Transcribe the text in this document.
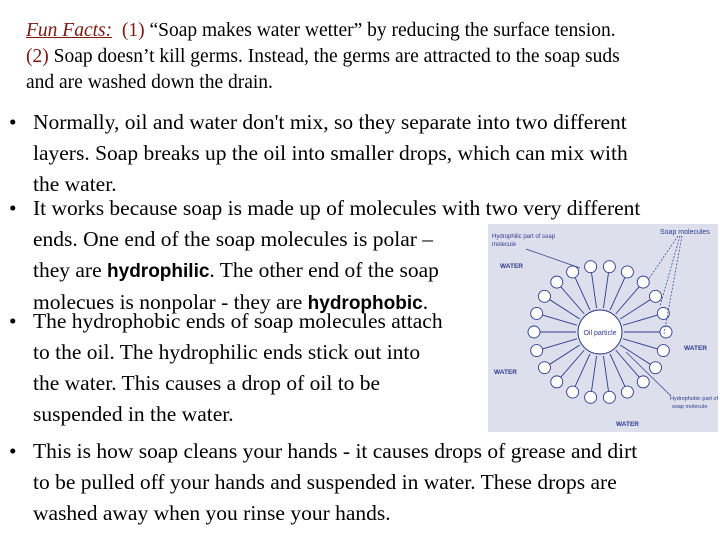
Fun Facts: (1) “Soap makes water wetter” by reducing the surface tension.
(2) Soap doesn’t kill germs. Instead, the germs are attracted to the soap suds
and are washed down the drain.
• Normally, oil and water don't mix, so they separate into two different

layers. Soap breaks up the oil into smaller drops, which can mix with

the water.

• It works because soap is made up of molecules with two very different

ends. One end of the soap molecules is polar –

they are hydrophilic. The other end of the soap

molecues is nonpolar - they are hydrophobic.

• The hydrophobic ends of soap molecules attach

to the oil. The hydrophilic ends stick out into

the water. This causes a drop of oil to be

suspended in the water.

• This is how soap cleans your hands - it causes drops of grease and dirt

to be pulled off your hands and suspended in water. These drops are

washed away when you rinse your hands.

Oil particle
Hydrophilic part of soap
molecule
Soap molecules
WATER
WATER
WATER
WATER
Hydrophobic part of
soap molecule
